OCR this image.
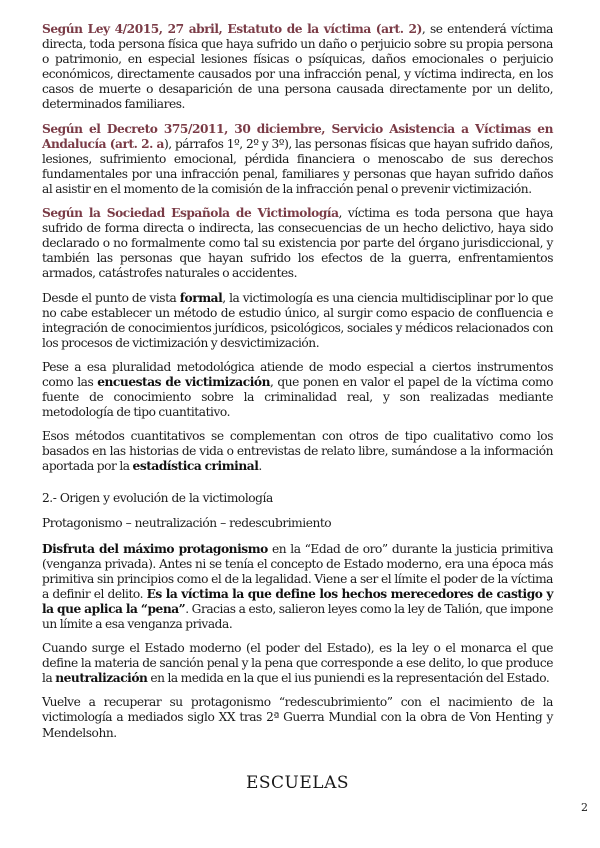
Según Ley 4/2015, 27 abril, Estatuto de la víctima (art. 2), se entenderá víctima directa, toda persona física que haya sufrido un daño o perjuicio sobre su propia persona o patrimonio, en especial lesiones físicas o psíquicas, daños emocionales o perjuicio económicos, directamente causados por una infracción penal, y víctima indirecta, en los casos de muerte o desaparición de una persona causada directamente por un delito, determinados familiares.

Según el Decreto 375/2011, 30 diciembre, Servicio Asistencia a Víctimas en Andalucía (art. 2. a), párrafos 1º, 2º y 3º), las personas físicas que hayan sufrido daños, lesiones, sufrimiento emocional, pérdida financiera o menoscabo de sus derechos fundamentales por una infracción penal, familiares y personas que hayan sufrido daños al asistir en el momento de la comisión de la infracción penal o prevenir victimización.

Según la Sociedad Española de Victimología, víctima es toda persona que haya sufrido de forma directa o indirecta, las consecuencias de un hecho delictivo, haya sido declarado o no formalmente como tal su existencia por parte del órgano jurisdiccional, y también las personas que hayan sufrido los efectos de la guerra, enfrentamientos armados, catástrofes naturales o accidentes.

Desde el punto de vista formal, la victimología es una ciencia multidisciplinar por lo que no cabe establecer un método de estudio único, al surgir como espacio de confluencia e integración de conocimientos jurídicos, psicológicos, sociales y médicos relacionados con los procesos de victimización y desvictimización.

Pese a esa pluralidad metodológica atiende de modo especial a ciertos instrumentos como las encuestas de victimización, que ponen en valor el papel de la víctima como fuente de conocimiento sobre la criminalidad real, y son realizadas mediante metodología de tipo cuantitativo.

Esos métodos cuantitativos se complementan con otros de tipo cualitativo como los basados en las historias de vida o entrevistas de relato libre, sumándose a la información aportada por la estadística criminal.

2.- Origen y evolución de la victimología
Protagonismo – neutralización – redescubrimiento

Disfruta del máximo protagonismo en la “Edad de oro” durante la justicia primitiva (venganza privada). Antes ni se tenía el concepto de Estado moderno, era una época más primitiva sin principios como el de la legalidad. Viene a ser el límite el poder de la víctima a definir el delito. Es la víctima la que define los hechos merecedores de castigo y la que aplica la “pena”. Gracias a esto, salieron leyes como la ley de Talión, que impone un límite a esa venganza privada.

Cuando surge el Estado moderno (el poder del Estado), es la ley o el monarca el que define la materia de sanción penal y la pena que corresponde a ese delito, lo que produce la neutralización en la medida en la que el ius puniendi es la representación del Estado.

Vuelve a recuperar su protagonismo “redescubrimiento” con el nacimiento de la victimología a mediados siglo XX tras 2ª Guerra Mundial con la obra de Von Henting y Mendelsohn.

ESCUELAS
2
